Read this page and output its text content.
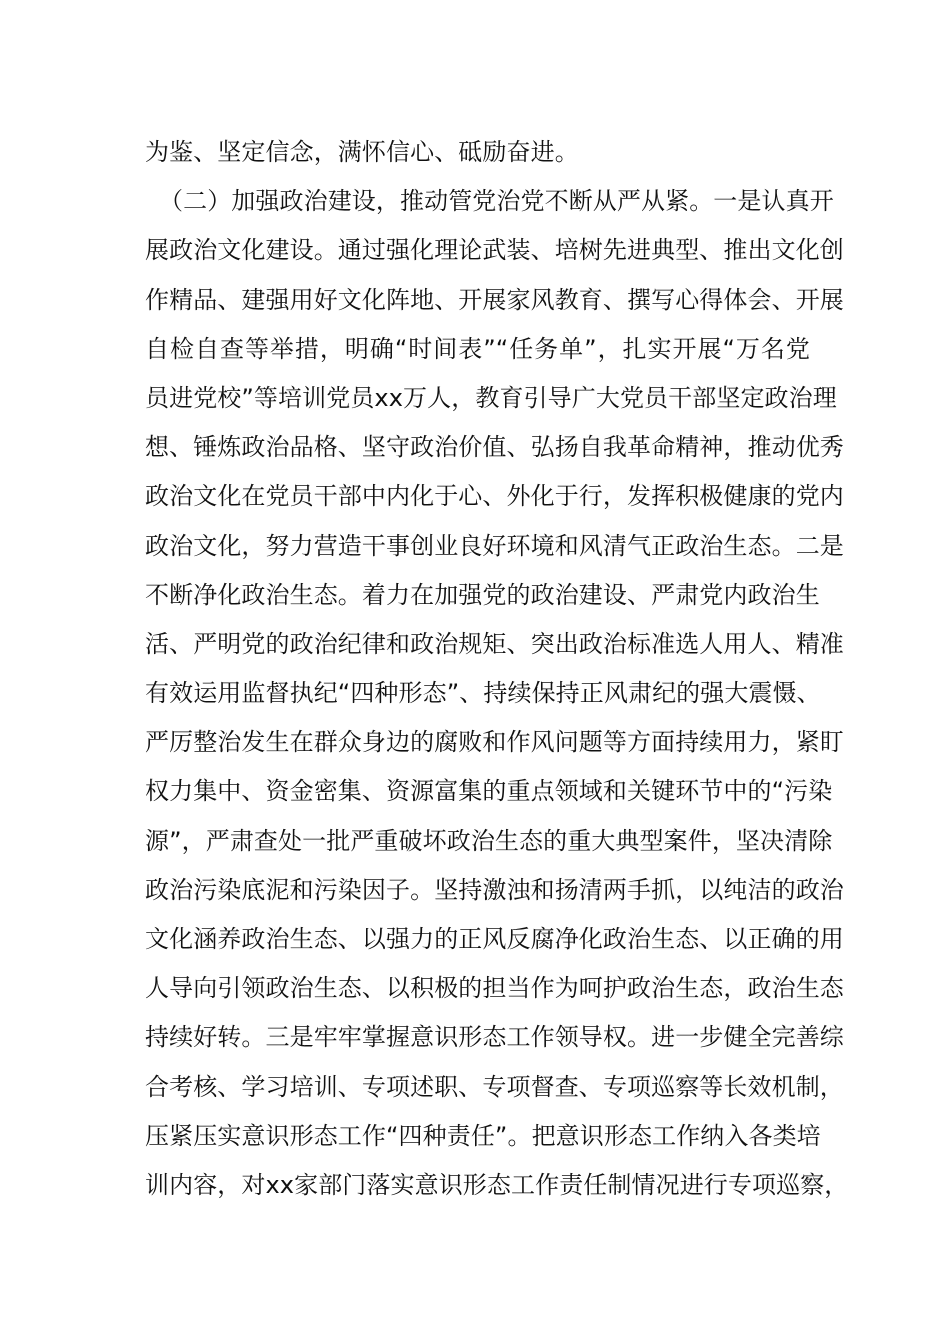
为鉴、坚定信念，满怀信心、砥励奋进。
（二）加强政治建设，推动管党治党不断从严从紧。一是认真开
展政治文化建设。通过强化理论武装、培树先进典型、推出文化创
作精品、建强用好文化阵地、开展家风教育、撰写心得体会、开展
自检自查等举措，明确“时间表”“任务单”，扎实开展“万名党
员进党校”等培训党员xx万人，教育引导广大党员干部坚定政治理
想、锤炼政治品格、坚守政治价值、弘扬自我革命精神，推动优秀
政治文化在党员干部中内化于心、外化于行，发挥积极健康的党内
政治文化，努力营造干事创业良好环境和风清气正政治生态。二是
不断净化政治生态。着力在加强党的政治建设、严肃党内政治生
活、严明党的政治纪律和政治规矩、突出政治标准选人用人、精准
有效运用监督执纪“四种形态”、持续保持正风肃纪的强大震慑、
严厉整治发生在群众身边的腐败和作风问题等方面持续用力，紧盯
权力集中、资金密集、资源富集的重点领域和关键环节中的“污染
源”，严肃查处一批严重破坏政治生态的重大典型案件，坚决清除
政治污染底泥和污染因子。坚持激浊和扬清两手抓，以纯洁的政治
文化涵养政治生态、以强力的正风反腐净化政治生态、以正确的用
人导向引领政治生态、以积极的担当作为呵护政治生态，政治生态
持续好转。三是牢牢掌握意识形态工作领导权。进一步健全完善综
合考核、学习培训、专项述职、专项督查、专项巡察等长效机制，
压紧压实意识形态工作“四种责任”。把意识形态工作纳入各类培
训内容，对xx家部门落实意识形态工作责任制情况进行专项巡察，
